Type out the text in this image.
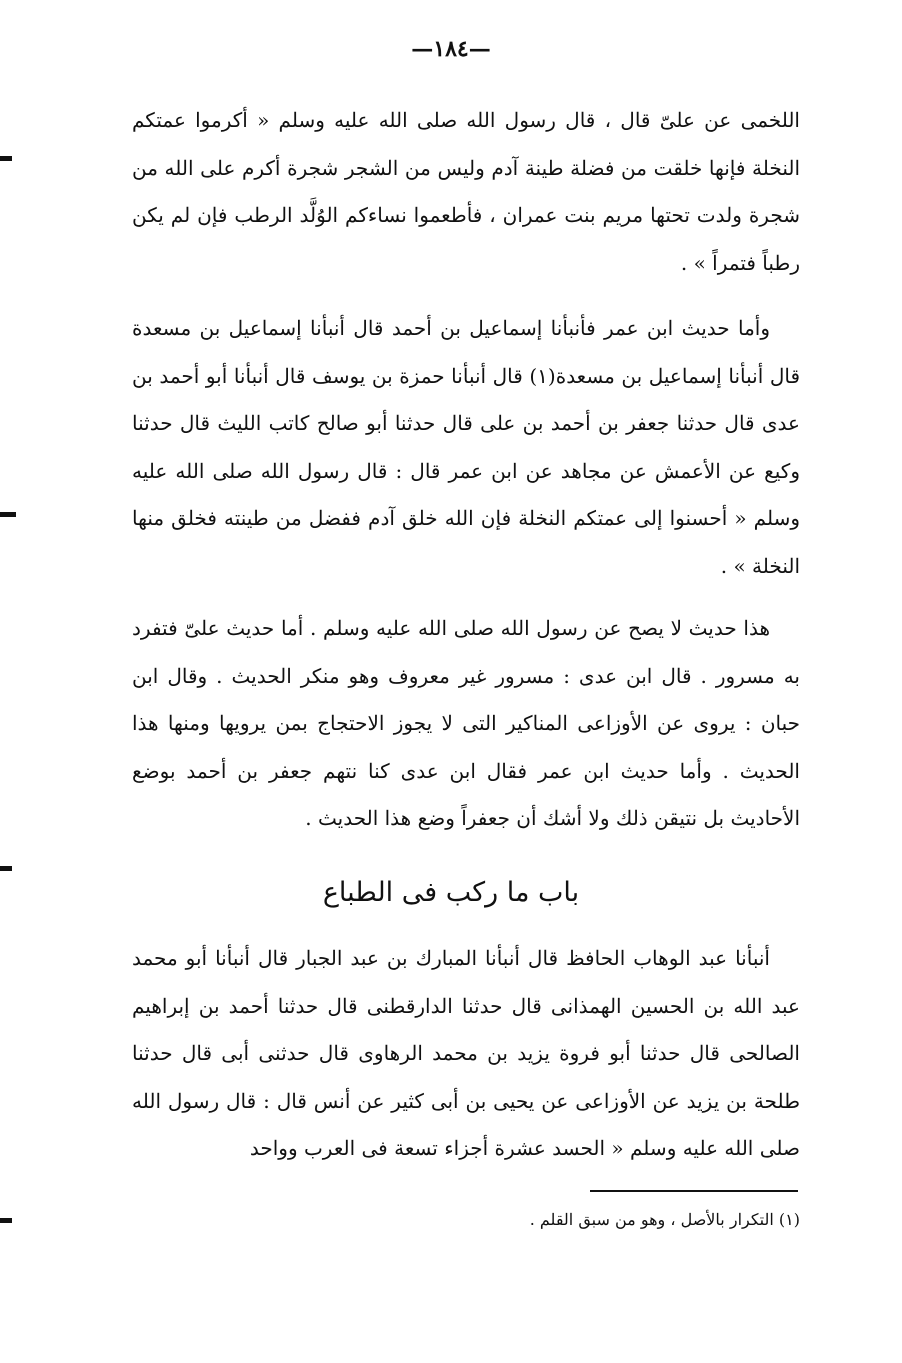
—١٨٤—

اللخمى عن علىّ قال ، قال رسول الله صلى الله عليه وسلم « أكرموا عمتكم النخلة فإنها خلقت من فضلة طينة آدم وليس من الشجر شجرة أكرم على الله من شجرة ولدت تحتها مريم بنت عمران ، فأطعموا نساءكم الوُلَّد الرطب فإن لم يكن رطباً فتمراً » .

وأما حديث ابن عمر فأنبأنا إسماعيل بن أحمد قال أنبأنا إسماعيل بن مسعدة قال أنبأنا إسماعيل بن مسعدة(١) قال أنبأنا حمزة بن يوسف قال أنبأنا أبو أحمد بن عدى قال حدثنا جعفر بن أحمد بن على قال حدثنا أبو صالح كاتب الليث قال حدثنا وكيع عن الأعمش عن مجاهد عن ابن عمر قال : قال رسول الله صلى الله عليه وسلم « أحسنوا إلى عمتكم النخلة فإن الله خلق آدم ففضل من طينته فخلق منها النخلة » .

هذا حديث لا يصح عن رسول الله صلى الله عليه وسلم . أما حديث علىّ فتفرد به مسرور . قال ابن عدى : مسرور غير معروف وهو منكر الحديث . وقال ابن حبان : يروى عن الأوزاعى المناكير التى لا يجوز الاحتجاج بمن يرويها ومنها هذا الحديث . وأما حديث ابن عمر فقال ابن عدى كنا نتهم جعفر بن أحمد بوضع الأحاديث بل نتيقن ذلك ولا أشك أن جعفراً وضع هذا الحديث .

باب ما ركب فى الطباع

أنبأنا عبد الوهاب الحافظ قال أنبأنا المبارك بن عبد الجبار قال أنبأنا أبو محمد عبد الله بن الحسين الهمذانى قال حدثنا الدارقطنى قال حدثنا أحمد بن إبراهيم الصالحى قال حدثنا أبو فروة يزيد بن محمد الرهاوى قال حدثنى أبى قال حدثنا طلحة بن يزيد عن الأوزاعى عن يحيى بن أبى كثير عن أنس قال : قال رسول الله صلى الله عليه وسلم « الحسد عشرة أجزاء تسعة فى العرب وواحد

(١) التكرار بالأصل ، وهو من سبق القلم .
